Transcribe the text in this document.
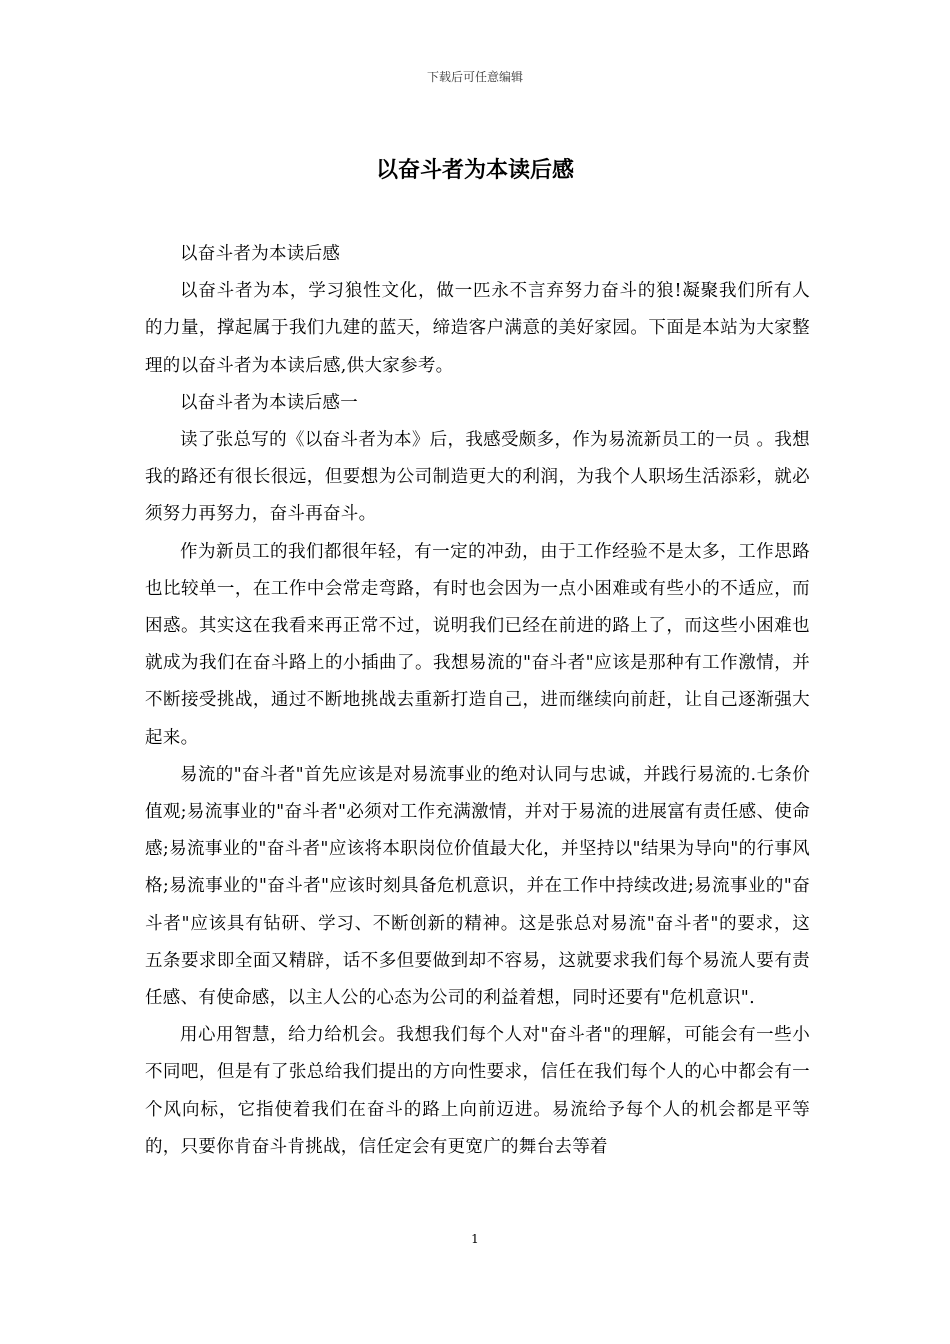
下载后可任意编辑
以奋斗者为本读后感

以奋斗者为本读后感

以奋斗者为本，学习狼性文化，做一匹永不言弃努力奋斗的狼!凝聚我们所有人的力量，撑起属于我们九建的蓝天，缔造客户满意的美好家园。下面是本站为大家整理的以奋斗者为本读后感,供大家参考。

以奋斗者为本读后感一

读了张总写的《以奋斗者为本》后，我感受颇多，作为易流新员工的一员 。我想我的路还有很长很远，但要想为公司制造更大的利润，为我个人职场生活添彩，就必须努力再努力，奋斗再奋斗。

作为新员工的我们都很年轻，有一定的冲劲，由于工作经验不是太多，工作思路也比较单一，在工作中会常走弯路，有时也会因为一点小困难或有些小的不适应，而困惑。其实这在我看来再正常不过，说明我们已经在前进的路上了，而这些小困难也就成为我们在奋斗路上的小插曲了。我想易流的"奋斗者"应该是那种有工作激情，并不断接受挑战，通过不断地挑战去重新打造自己，进而继续向前赶，让自己逐渐强大起来。

易流的"奋斗者"首先应该是对易流事业的绝对认同与忠诚，并践行易流的.七条价值观;易流事业的"奋斗者"必须对工作充满激情，并对于易流的进展富有责任感、使命感;易流事业的"奋斗者"应该将本职岗位价值最大化，并坚持以"结果为导向"的行事风格;易流事业的"奋斗者"应该时刻具备危机意识，并在工作中持续改进;易流事业的"奋斗者"应该具有钻研、学习、不断创新的精神。这是张总对易流"奋斗者"的要求，这五条要求即全面又精辟，话不多但要做到却不容易，这就要求我们每个易流人要有责任感、有使命感，以主人公的心态为公司的利益着想，同时还要有"危机意识".

用心用智慧，给力给机会。我想我们每个人对"奋斗者"的理解，可能会有一些小不同吧，但是有了张总给我们提出的方向性要求，信任在我们每个人的心中都会有一个风向标，它指使着我们在奋斗的路上向前迈进。易流给予每个人的机会都是平等的，只要你肯奋斗肯挑战，信任定会有更宽广的舞台去等着

1
